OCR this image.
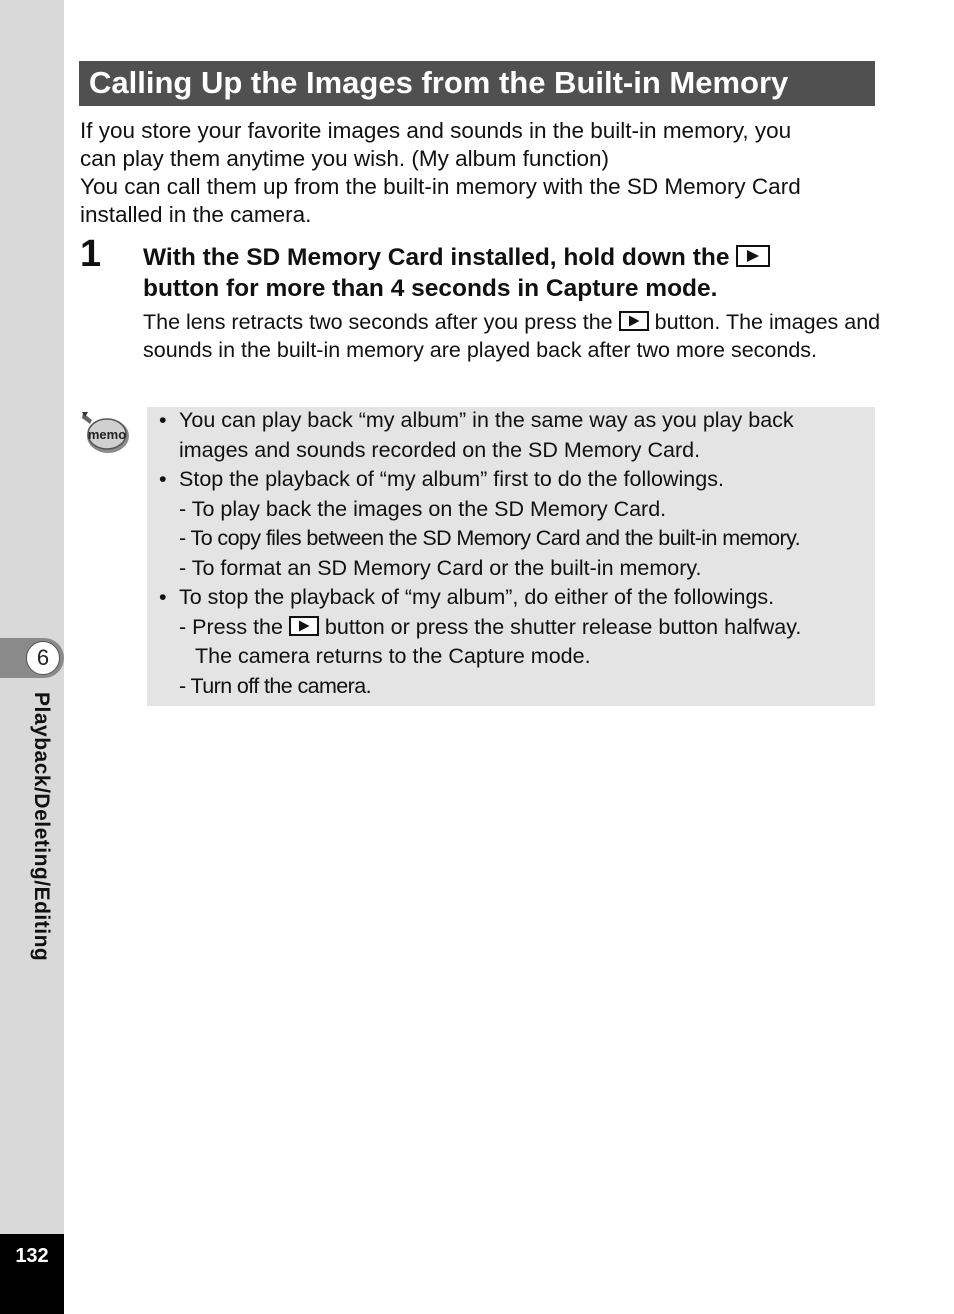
6
Playback/Deleting/Editing
132
Calling Up the Images from the Built-in Memory

If you store your favorite images and sounds in the built-in memory, you
can play them anytime you wish. (My album function)

You can call them up from the built-in memory with the SD Memory Card
installed in the camera.

1 With the SD Memory Card installed, hold down the
button for more than 4 seconds in Capture mode.

The lens retracts two seconds after you press the button. The images and sounds in the built-in memory are played back after two more seconds.

memo
• You can play back “my album” in the same way as you play back
images and sounds recorded on the SD Memory Card.
• Stop the playback of “my album” first to do the followings.
- To play back the images on the SD Memory Card.
- To copy files between the SD Memory Card and the built-in memory.
- To format an SD Memory Card or the built-in memory.
• To stop the playback of “my album”, do either of the followings.
- Press the button or press the shutter release button halfway.
The camera returns to the Capture mode.
- Turn off the camera.
